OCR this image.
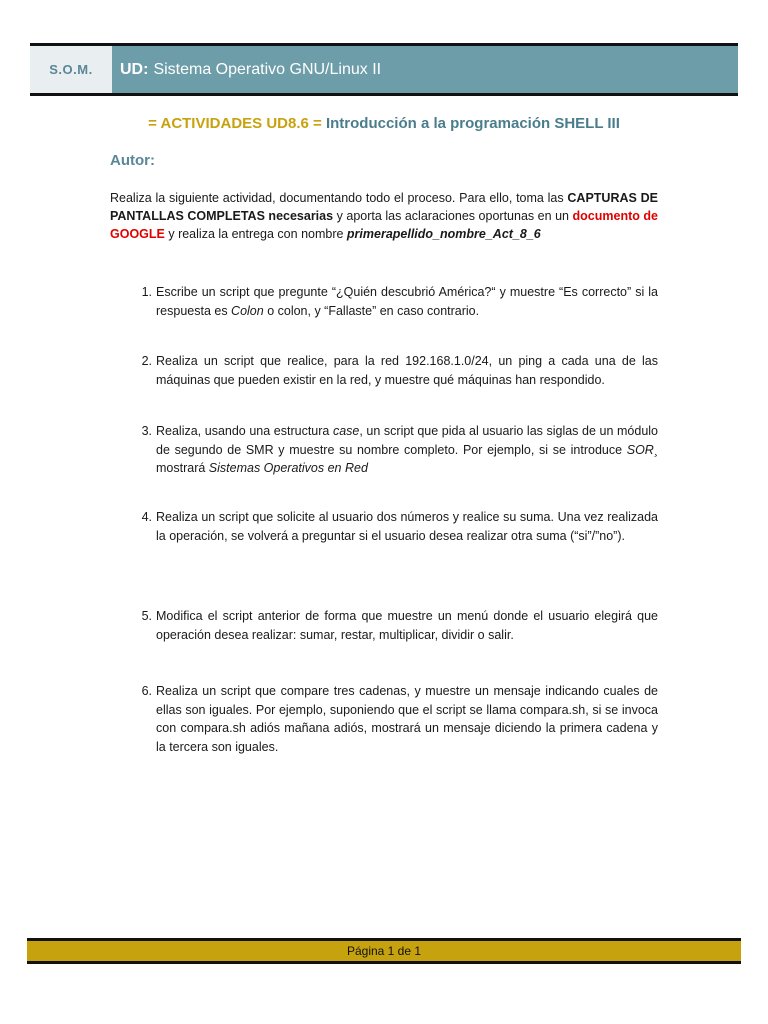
S.O.M.	UD: Sistema Operativo GNU/Linux II
= ACTIVIDADES UD8.6 = Introducción a la programación SHELL III
Autor:
Realiza la siguiente actividad, documentando todo el proceso. Para ello, toma las CAPTURAS DE PANTALLAS COMPLETAS necesarias y aporta las aclaraciones oportunas en un documento de GOOGLE y realiza la entrega con nombre primerapellido_nombre_Act_8_6
1. Escribe un script que pregunte “¿Quién descubrió América?“ y muestre “Es correcto” si la respuesta es Colon o colon, y “Fallaste” en caso contrario.
2. Realiza un script que realice, para la red 192.168.1.0/24, un ping a cada una de las máquinas que pueden existir en la red, y muestre qué máquinas han respondido.
3. Realiza, usando una estructura case, un script que pida al usuario las siglas de un módulo de segundo de SMR y muestre su nombre completo. Por ejemplo, si se introduce SOR¸ mostrará Sistemas Operativos en Red
4. Realiza un script que solicite al usuario dos números y realice su suma. Una vez realizada la operación, se volverá a preguntar si el usuario desea realizar otra suma (“si”/”no”).
5. Modifica el script anterior de forma que muestre un menú donde el usuario elegirá que operación desea realizar: sumar, restar, multiplicar, dividir o salir.
6. Realiza un script que compare tres cadenas, y muestre un mensaje indicando cuales de ellas son iguales. Por ejemplo, suponiendo que el script se llama compara.sh, si se invoca con compara.sh adiós mañana adiós, mostrará un mensaje diciendo la primera cadena y la tercera son iguales.
Página 1 de 1
